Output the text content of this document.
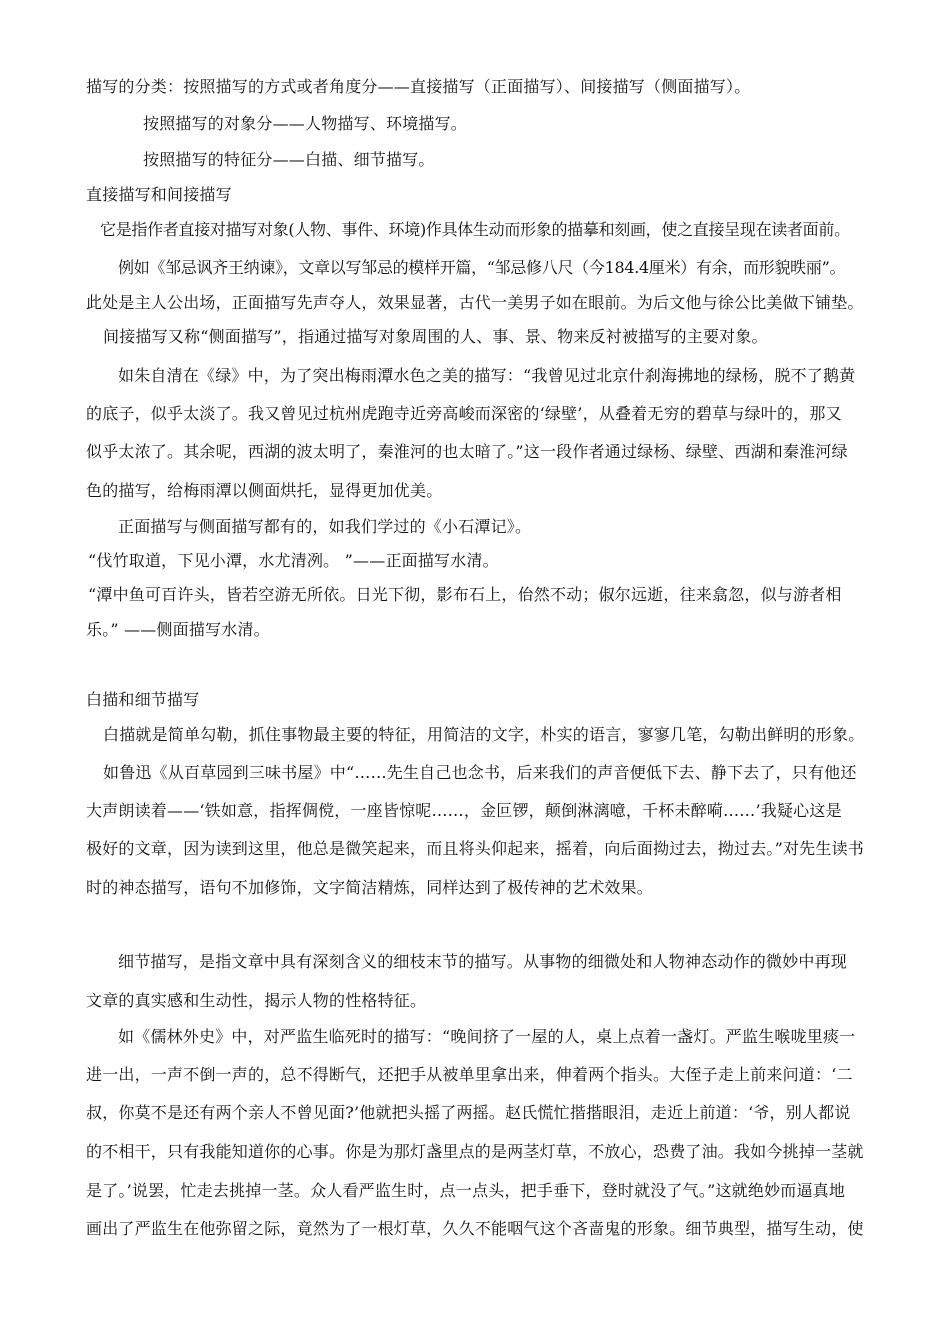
描写的分类：按照描写的方式或者角度分——直接描写（正面描写）、间接描写（侧面描写）。
按照描写的对象分——人物描写、环境描写。
按照描写的特征分——白描、细节描写。
直接描写和间接描写
它是指作者直接对描写对象(人物、事件、环境)作具体生动而形象的描摹和刻画，使之直接呈现在读者面前。
例如《邹忌讽齐王纳谏》，文章以写邹忌的模样开篇，“邹忌修八尺（今184.4厘米）有余，而形貌昳丽”。
此处是主人公出场，正面描写先声夺人，效果显著，古代一美男子如在眼前。为后文他与徐公比美做下铺垫。
间接描写又称“侧面描写”，指通过描写对象周围的人、事、景、物来反衬被描写的主要对象。
如朱自清在《绿》中，为了突出梅雨潭水色之美的描写：“我曾见过北京什刹海拂地的绿杨，脱不了鹅黄
的底子，似乎太淡了。我又曾见过杭州虎跑寺近旁高峻而深密的‘绿壁’，从叠着无穷的碧草与绿叶的，那又
似乎太浓了。其余呢，西湖的波太明了，秦淮河的也太暗了。”这一段作者通过绿杨、绿壁、西湖和秦淮河绿
色的描写，给梅雨潭以侧面烘托，显得更加优美。
正面描写与侧面描写都有的，如我们学过的《小石潭记》。
“伐竹取道，下见小潭，水尤清冽。 ”——正面描写水清。
“潭中鱼可百许头，皆若空游无所依。日光下彻，影布石上，佁然不动；俶尔远逝，往来翕忽，似与游者相
乐。” ——侧面描写水清。
白描和细节描写
白描就是简单勾勒，抓住事物最主要的特征，用简洁的文字，朴实的语言，寥寥几笔，勾勒出鲜明的形象。
如鲁迅《从百草园到三味书屋》中“……先生自己也念书，后来我们的声音便低下去、静下去了，只有他还
大声朗读着——‘铁如意，指挥倜傥，一座皆惊呢……，金叵锣，颠倒淋漓噫，千杯未醉嗬……’我疑心这是
极好的文章，因为读到这里，他总是微笑起来，而且将头仰起来，摇着，向后面拗过去，拗过去。”对先生读书
时的神态描写，语句不加修饰，文字简洁精炼，同样达到了极传神的艺术效果。
细节描写，是指文章中具有深刻含义的细枝末节的描写。从事物的细微处和人物神态动作的微妙中再现
文章的真实感和生动性，揭示人物的性格特征。
如《儒林外史》中，对严监生临死时的描写：“晚间挤了一屋的人，桌上点着一盏灯。严监生喉咙里痰一
进一出，一声不倒一声的，总不得断气，还把手从被单里拿出来，伸着两个指头。大侄子走上前来问道：‘二
叔，你莫不是还有两个亲人不曾见面?’他就把头摇了两摇。赵氏慌忙揩揩眼泪，走近上前道：‘爷，别人都说
的不相干，只有我能知道你的心事。你是为那灯盏里点的是两茎灯草，不放心，恐费了油。我如今挑掉一茎就
是了。’说罢，忙走去挑掉一茎。众人看严监生时，点一点头，把手垂下，登时就没了气。”这就绝妙而逼真地
画出了严监生在他弥留之际，竟然为了一根灯草，久久不能咽气这个吝啬鬼的形象。细节典型，描写生动，使
